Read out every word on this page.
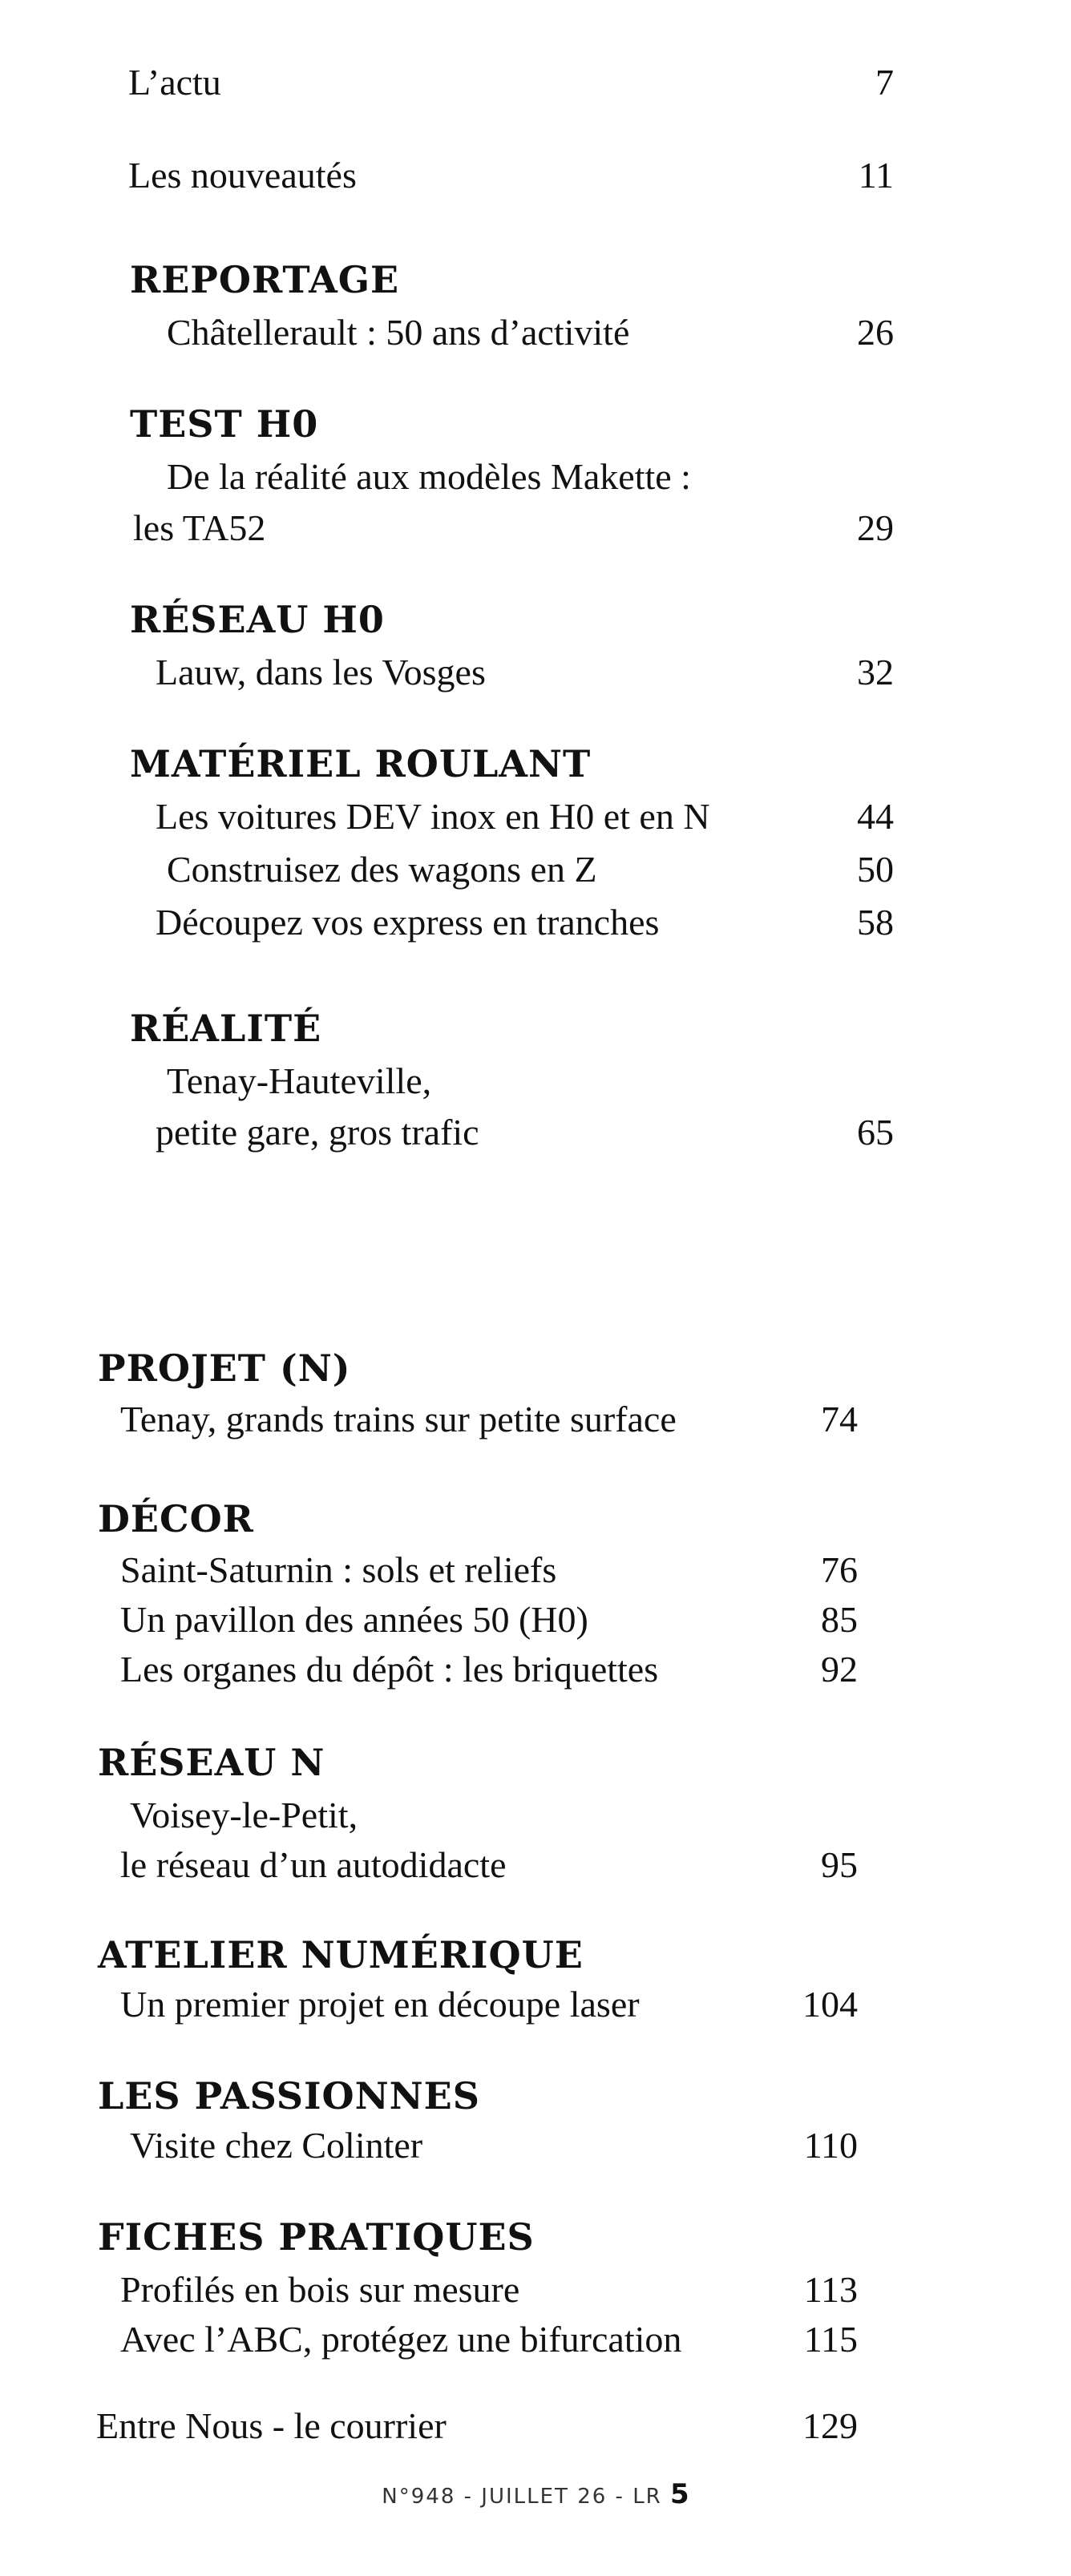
L’actu	7
Les nouveautés	11
REPORTAGE
Châtellerault : 50 ans d’activité	26
TEST H0
De la réalité aux modèles Makette :
les TA52	29
RÉSEAU H0
Lauw, dans les Vosges	32
MATÉRIEL ROULANT
Les voitures DEV inox en H0 et en N	44
Construisez des wagons en Z	50
Découpez vos express en tranches	58
RÉALITÉ
Tenay-Hauteville,
petite gare, gros trafic	65
PROJET (N)
Tenay, grands trains sur petite surface	74
DÉCOR
Saint-Saturnin : sols et reliefs	76
Un pavillon des années 50 (H0)	85
Les organes du dépôt : les briquettes	92
RÉSEAU N
Voisey-le-Petit,
le réseau d’un autodidacte	95
ATELIER NUMÉRIQUE
Un premier projet en découpe laser	104
LES PASSIONNES
Visite chez Colinter	110
FICHES PRATIQUES
Profilés en bois sur mesure	113
Avec l’ABC, protégez une bifurcation	115
Entre Nous - le courrier	129
N°948 - JUILLET 26 - LR 5
